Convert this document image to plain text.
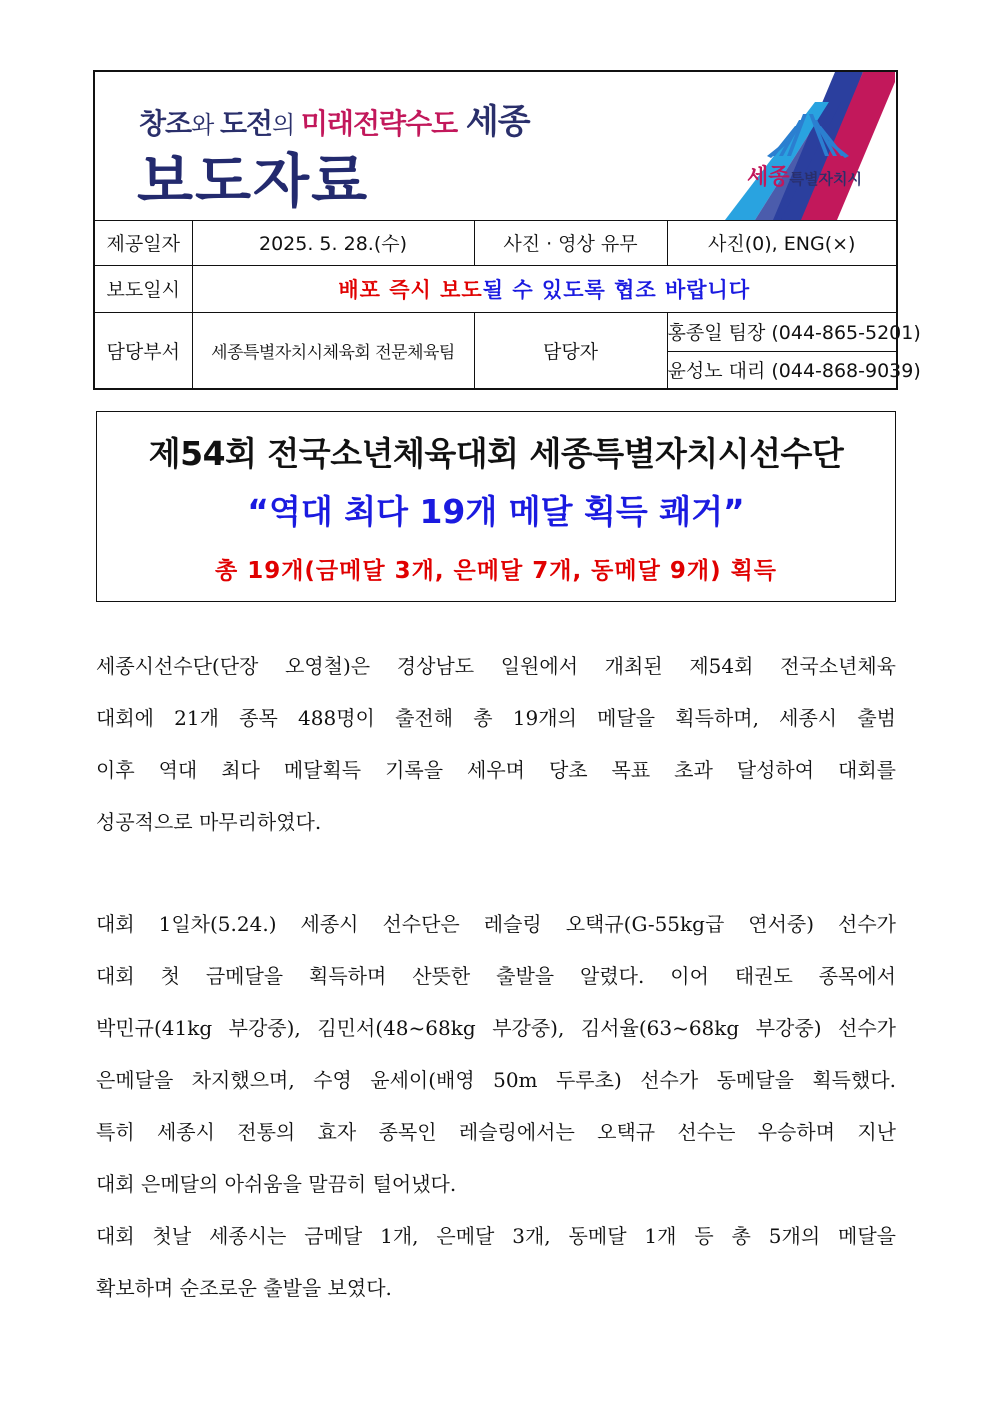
창조와 도전의 미래전략수도 세종
보도자료	세종특별자치시
제공일자	2025. 5. 28.(수)	사진 · 영상 유무	사진(0), ENG(×)
보도일시	배포 즉시 보도될 수 있도록 협조 바랍니다		
담당부서	세종특별자치시체육회 전문체육팀	담당자	홍종일 팀장 (044-865-5201)
			윤성노 대리 (044-868-9039)
제54회 전국소년체육대회 세종특별자치시선수단
“역대 최다 19개 메달 획득 쾌거”
총 19개(금메달 3개, 은메달 7개, 동메달 9개) 획득

세종시선수단(단장 오영철)은 경상남도 일원에서 개최된 제54회 전국소년체육

대회에 21개 종목 488명이 출전해 총 19개의 메달을 획득하며, 세종시 출범

이후 역대 최다 메달획득 기록을 세우며 당초 목표 초과 달성하여 대회를

성공적으로 마무리하였다.

대회 1일차(5.24.) 세종시 선수단은 레슬링 오택규(G-55kg급 연서중) 선수가

대회 첫 금메달을 획득하며 산뜻한 출발을 알렸다. 이어 태권도 종목에서

박민규(41kg 부강중), 김민서(48~68kg 부강중), 김서율(63~68kg 부강중) 선수가

은메달을 차지했으며, 수영 윤세이(배영 50m 두루초) 선수가 동메달을 획득했다.

특히 세종시 전통의 효자 종목인 레슬링에서는 오택규 선수는 우승하며 지난

대회 은메달의 아쉬움을 말끔히 털어냈다.

대회 첫날 세종시는 금메달 1개, 은메달 3개, 동메달 1개 등 총 5개의 메달을

확보하며 순조로운 출발을 보였다.
